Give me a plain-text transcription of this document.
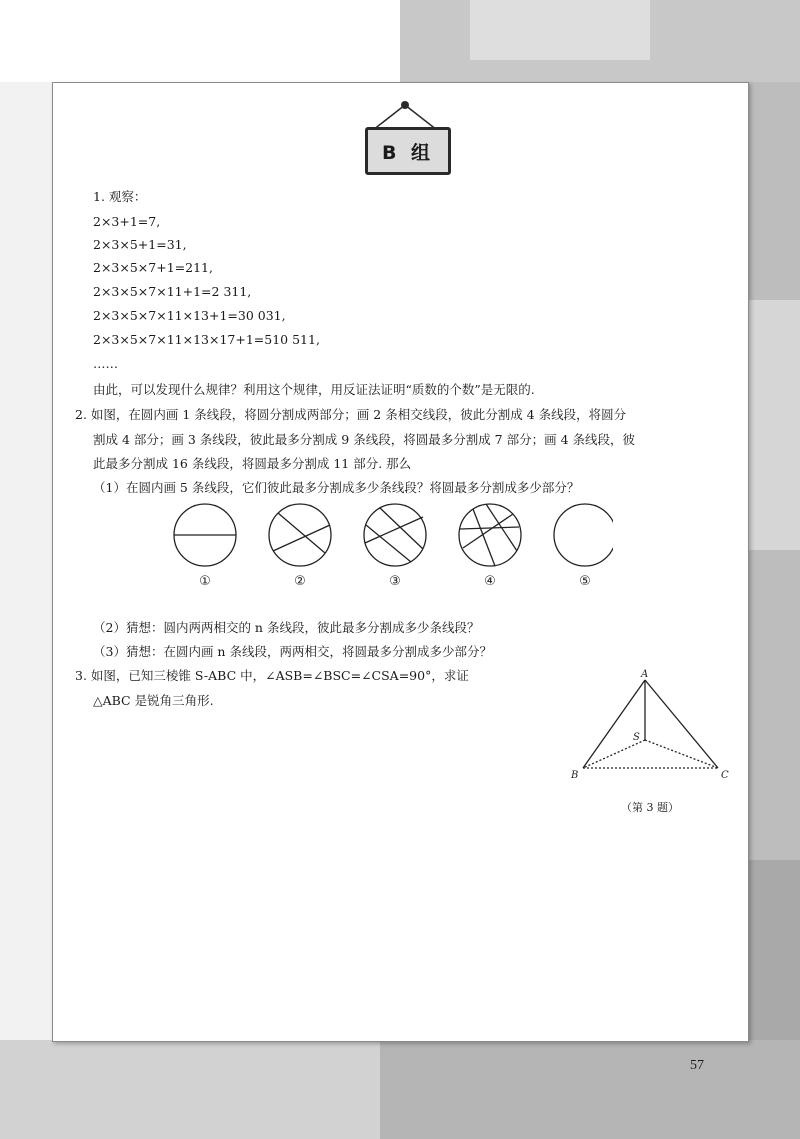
B 组
1. 观察：
2×3+1=7,
2×3×5+1=31,
2×3×5×7+1=211,
2×3×5×7×11+1=2 311,
2×3×5×7×11×13+1=30 031,
2×3×5×7×11×13×17+1=510 511,
……
由此，可以发现什么规律？利用这个规律，用反证法证明“质数的个数”是无限的.
2. 如图，在圆内画 1 条线段，将圆分割成两部分；画 2 条相交线段，彼此分割成 4 条线段，将圆分
割成 4 部分；画 3 条线段，彼此最多分割成 9 条线段，将圆最多分割成 7 部分；画 4 条线段，彼
此最多分割成 16 条线段，将圆最多分割成 11 部分. 那么
（1）在圆内画 5 条线段，它们彼此最多分割成多少条线段？将圆最多分割成多少部分？
①	②	③	④	⑤
（2）猜想：圆内两两相交的 n 条线段，彼此最多分割成多少条线段？
（3）猜想：在圆内画 n 条线段，两两相交，将圆最多分割成多少部分？
3. 如图，已知三棱锥 S-ABC 中，∠ASB=∠BSC=∠CSA=90°，求证
△ABC 是锐角三角形.
A
B	C
S
（第 3 题）
57
